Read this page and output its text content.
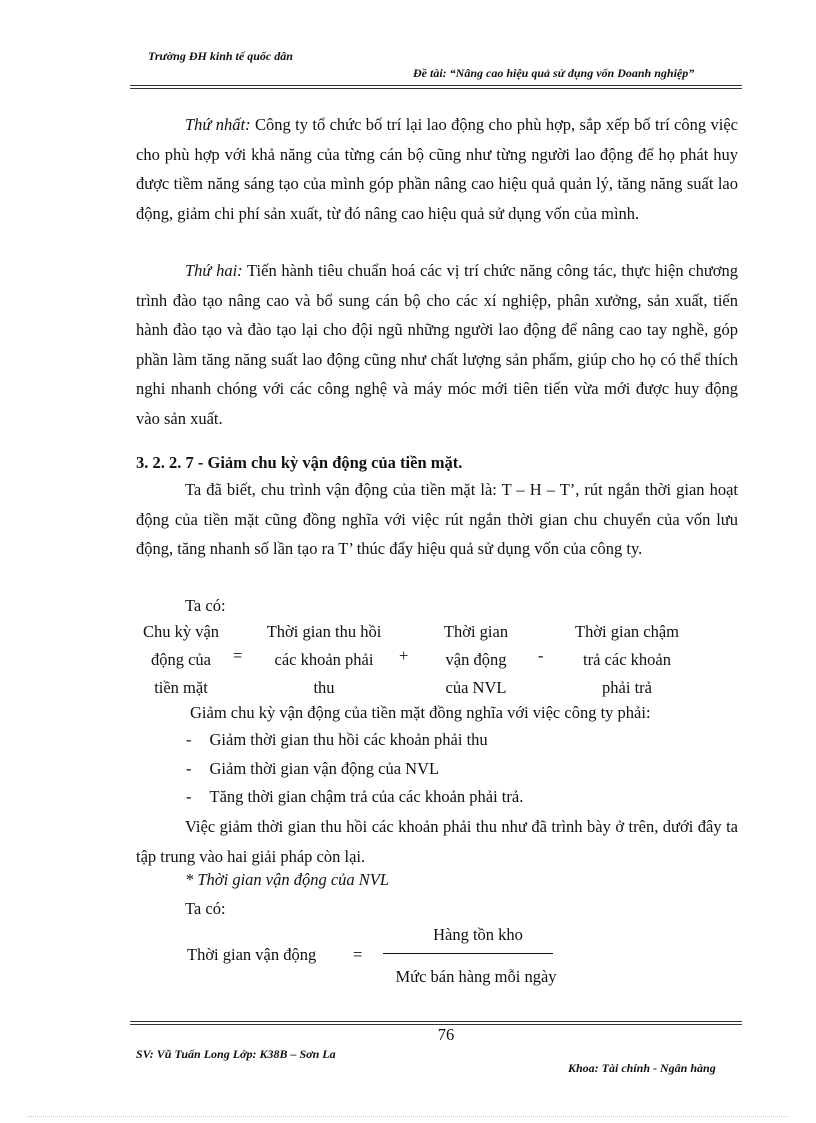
Trường ĐH kinh tế quốc dân
Đề tài: “Nâng cao hiệu quả sử dụng vốn Doanh nghiệp”
Thứ nhất: Công ty tổ chức bố trí lại lao động cho phù hợp, sắp xếp bố trí công việc cho phù hợp với khả năng của từng cán bộ cũng như từng người lao động để họ phát huy được tiềm năng sáng tạo của mình góp phần nâng cao hiệu quả quản lý, tăng năng suất lao động, giảm chi phí sản xuất, từ đó nâng cao hiệu quả sử dụng vốn của mình.
Thứ hai: Tiến hành tiêu chuẩn hoá các vị trí chức năng công tác, thực hiện chương trình đào tạo nâng cao và bổ sung cán bộ cho các xí nghiệp, phân xưởng, sản xuất, tiến hành đào tạo và đào tạo lại cho đội ngũ những người lao động để nâng cao tay nghề, góp phần làm tăng năng suất lao động cũng như chất lượng sản phẩm, giúp cho họ có thể thích nghi nhanh chóng với các công nghệ và máy móc mới tiên tiến vừa mới được huy động vào sản xuất.
3. 2. 2. 7 - Giảm chu kỳ vận động của tiền mặt.
Ta đã biết, chu trình vận động của tiền mặt là: T – H – T’, rút ngắn thời gian hoạt động của tiền mặt cũng đồng nghĩa với việc rút ngắn thời gian chu chuyển của vốn lưu động, tăng nhanh số lần tạo ra T’ thúc đẩy hiệu quả sử dụng vốn của công ty.
Ta có:
Chu kỳ vận
động của
tiền mặt
=
Thời gian thu hồi
các khoản phải
thu
+
Thời gian
vận động
của NVL
-
Thời gian chậm
trả các khoản
phải trả
Giảm chu kỳ vận động của tiền mặt đồng nghĩa với việc công ty phải:
- Giảm thời gian thu hồi các khoản phải thu
- Giảm thời gian vận động của NVL
- Tăng thời gian chậm trả của các khoản phải trả.
Việc giảm thời gian thu hồi các khoản phải thu như đã trình bày ở trên, dưới đây ta tập trung vào hai giải pháp còn lại.
* Thời gian vận động của NVL
Ta có:
Thời gian vận động =
Hàng tồn kho
Mức bán hàng mỗi ngày
76
SV: Vũ Tuấn Long Lớp: K38B – Sơn La
Khoa: Tài chính - Ngân hàng
